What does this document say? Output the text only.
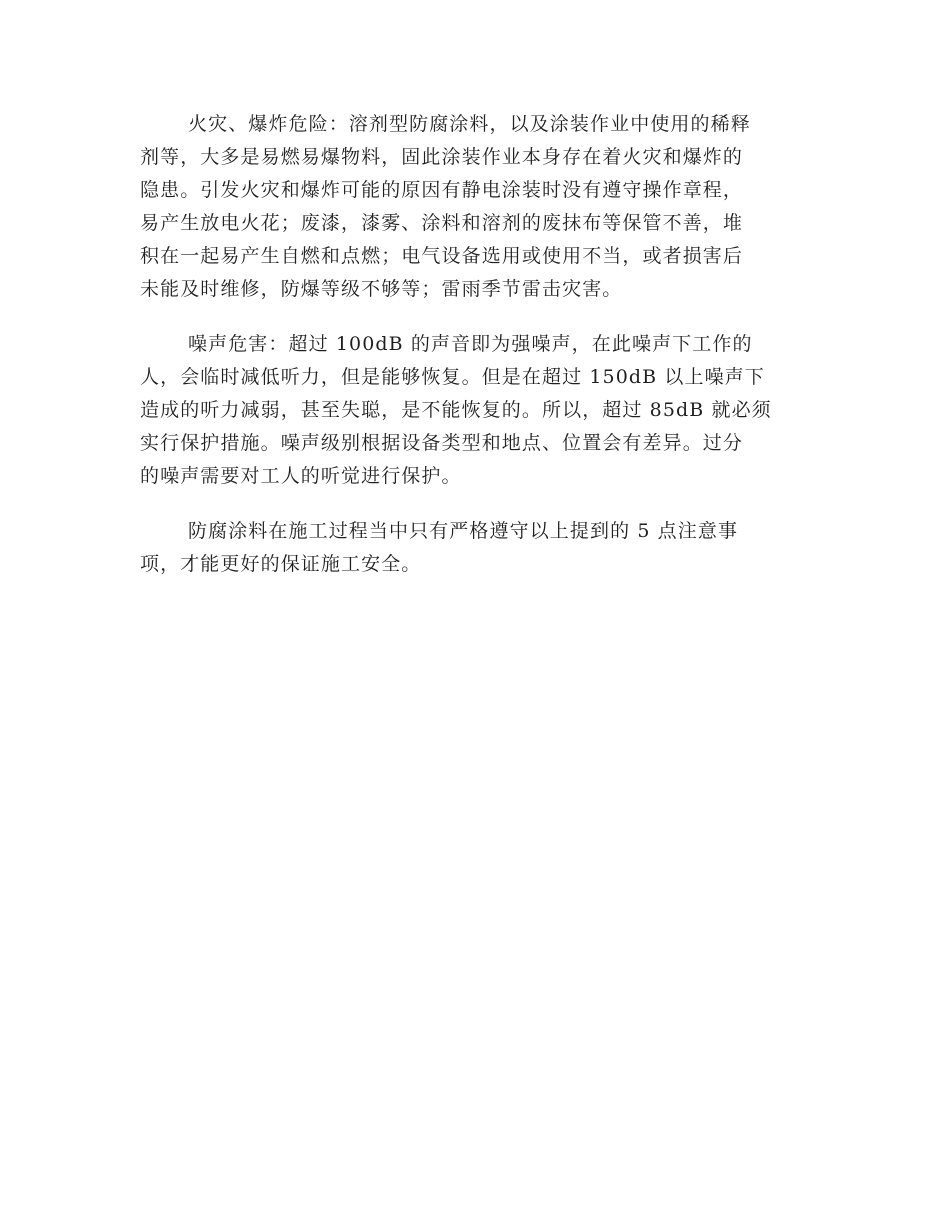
火灾、爆炸危险：溶剂型防腐涂料，以及涂装作业中使用的稀释
剂等，大多是易燃易爆物料，固此涂装作业本身存在着火灾和爆炸的
隐患。引发火灾和爆炸可能的原因有静电涂装时没有遵守操作章程，
易产生放电火花；废漆，漆雾、涂料和溶剂的废抹布等保管不善，堆
积在一起易产生自燃和点燃；电气设备选用或使用不当，或者损害后
未能及时维修，防爆等级不够等；雷雨季节雷击灾害。
噪声危害：超过 100dB 的声音即为强噪声，在此噪声下工作的
人，会临时减低听力，但是能够恢复。但是在超过 150dB 以上噪声下
造成的听力减弱，甚至失聪，是不能恢复的。所以，超过 85dB 就必须
实行保护措施。噪声级别根据设备类型和地点、位置会有差异。过分
的噪声需要对工人的听觉进行保护。
防腐涂料在施工过程当中只有严格遵守以上提到的 5 点注意事
项，才能更好的保证施工安全。
